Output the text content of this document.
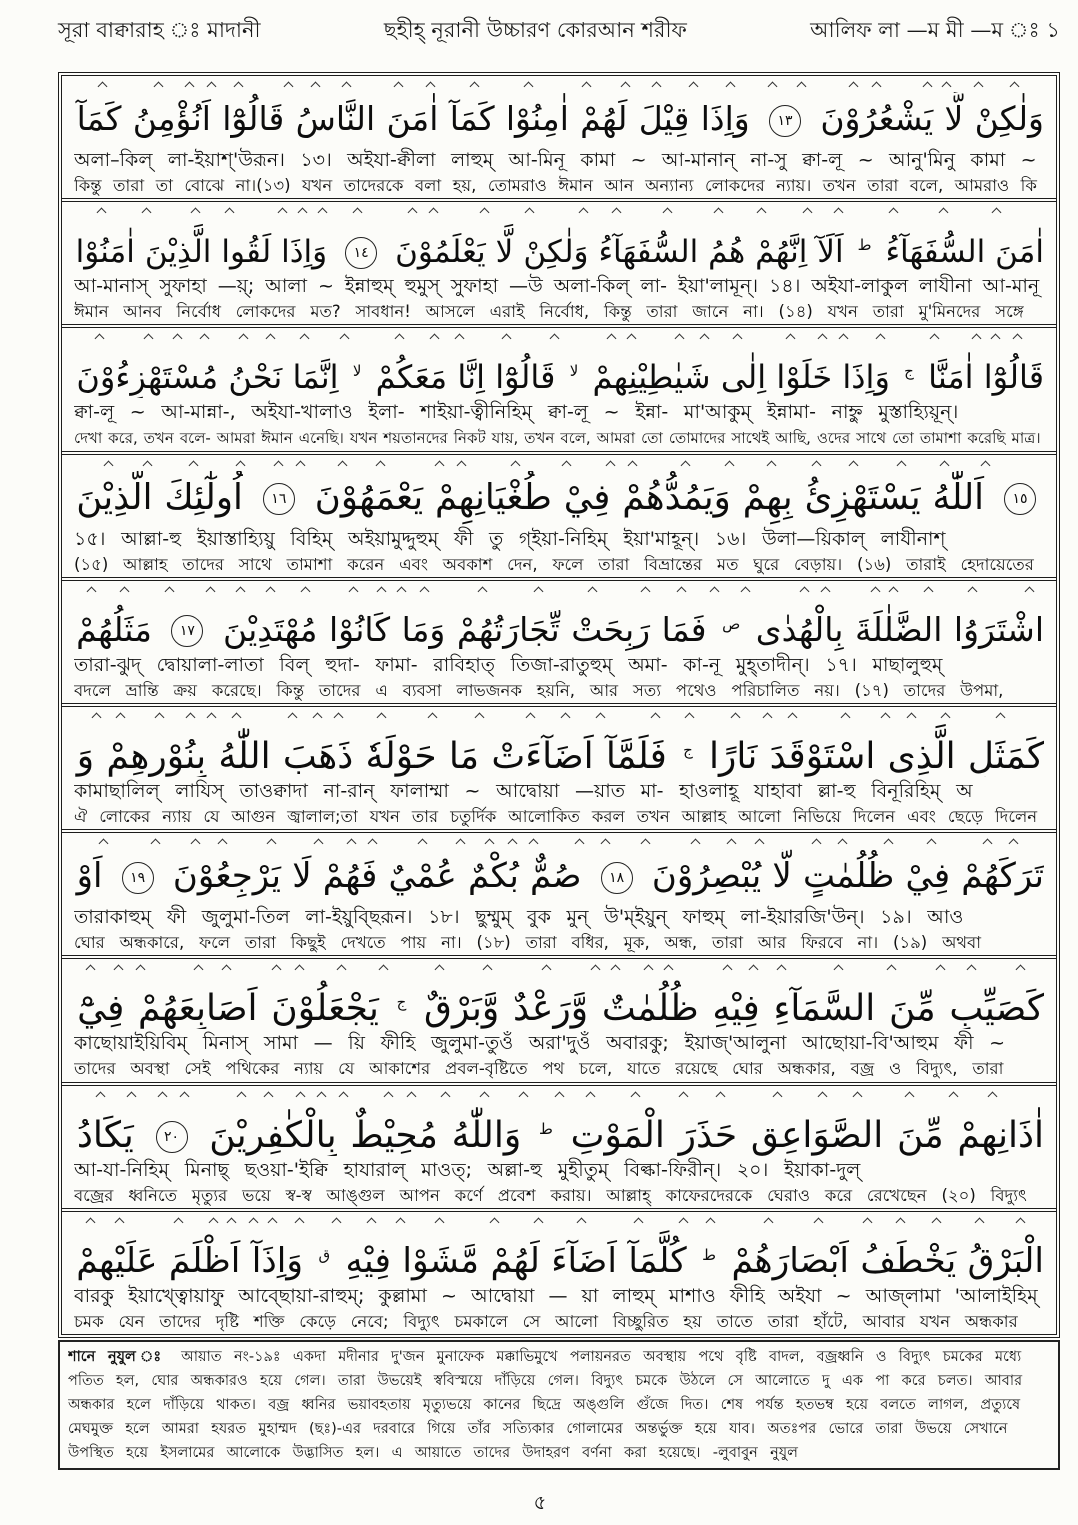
সূরা বাক্বারাহ ঃ মাদানী	ছহীহ্ নূরানী উচ্চারণ কোরআন শরীফ	আলিফ লা —ম মী —ম ঃ ১
وَلٰكِنْ لَّا يَشْعُرُوْنَ ١٣ وَاِذَا قِيْلَ لَهُمْ اٰمِنُوْا كَمَآ اٰمَنَ النَّاسُ قَالُوْٓا اَنُؤْمِنُ كَمَآ
অলা–কিল্ লা-ইয়াশ্'উরূন। ১৩। অইযা-ক্বীলা লাহুম্ আ-মিনূ কামা ~ আ-মানান্ না-সু ক্বা-লূ ~ আনু'মিনু কামা ~
কিন্তু তারা তা বোঝে না।(১৩) যখন তাদেরকে বলা হয়, তোমরাও ঈমান আন অন্যান্য লোকদের ন্যায়। তখন তারা বলে, আমরাও কি
اٰمَنَ السُّفَهَآءُ $^ط$ اَلَآ اِنَّهُمْ هُمُ السُّفَهَآءُ وَلٰكِنْ لَّا يَعْلَمُوْنَ ١٤ وَاِذَا لَقُوا الَّذِيْنَ اٰمَنُوْا
আ-মানাস্ সুফাহা —য়্; আলা ~ ইন্নাহুম্ হুমুস্ সুফাহা —উ অলা-কিল্ লা- ইয়া'লামূন্। ১৪। অইযা-লাকুল লাযীনা আ-মানূ
ঈমান আনব নির্বোধ লোকদের মত? সাবধান! আসলে এরাই নির্বোধ, কিন্তু তারা জানে না। (১৪) যখন তারা মু'মিনদের সঙ্গে
قَالُوْٓا اٰمَنَّا $^ج$ وَاِذَا خَلَوْا اِلٰى شَيٰطِيْنِهِمْ $^{لا}$ قَالُوْٓا اِنَّا مَعَكُمْ $^{لا}$ اِنَّمَا نَحْنُ مُسْتَهْزِءُوْنَ
ক্বা-লূ ~ আ-মান্না-, অইযা-খালাও ইলা- শাইয়া-ত্বীনিহিম্ ক্বা-লূ ~ ইন্না- মা'আকুম্ ইন্নামা- নাহ্নু মুস্তাহ্যিয়ূন্।
দেখা করে, তখন বলে- আমরা ঈমান এনেছি। যখন শয়তানদের নিকট যায়, তখন বলে, আমরা তো তোমাদের সাথেই আছি, ওদের সাথে তো তামাশা করেছি মাত্র।
١٥ اَللّٰهُ يَسْتَهْزِئُ بِهِمْ وَيَمُدُّهُمْ فِيْ طُغْيَانِهِمْ يَعْمَهُوْنَ ١٦ اُولٰٓئِكَ الَّذِيْنَ
১৫। আল্লা-হু ইয়াস্তাহ্যিয়ু বিহিম্ অইয়ামুদ্দুহুম্ ফী তু গ্ইয়া-নিহিম্ ইয়া'মাহূন্। ১৬। উলা—য়িকাল্ লাযীনাশ্
(১৫) আল্লাহ তাদের সাথে তামাশা করেন এবং অবকাশ দেন, ফলে তারা বিভ্রান্তের মত ঘুরে বেড়ায়। (১৬) তারাই হেদায়েতের
اشْتَرَوُا الضَّلٰلَةَ بِالْهُدٰى $^ص$ فَمَا رَبِحَتْ تِّجَارَتُهُمْ وَمَا كَانُوْا مُهْتَدِيْنَ ١٧ مَثَلُهُمْ
তারা-ঝুদ্ দ্বোয়ালা-লাতা বিল্ হুদা- ফামা- রাবিহাত্ তিজা-রাতুহুম্ অমা- কা-নূ মুহ্তাদীন্। ১৭। মাছালুহুম্
বদলে ভ্রান্তি ক্রয় করেছে। কিন্তু তাদের এ ব্যবসা লাভজনক হয়নি, আর সত্য পথেও পরিচালিত নয়। (১৭) তাদের উপমা,
كَمَثَلِ الَّذِى اسْتَوْقَدَ نَارًا $^ج$ فَلَمَّآ اَضَآءَتْ مَا حَوْلَهٗ ذَهَبَ اللّٰهُ بِنُوْرِهِمْ وَ
কামাছালিল্ লাযিস্ তাওক্বাদা না-রান্ ফালাম্মা ~ আদ্বোয়া —য়াত মা- হাওলাহূ যাহাবা ল্লা-হু বিনূরিহিম্ অ
ঐ লোকের ন্যায় যে আগুন জ্বালাল;তা যখন তার চতুর্দিক আলোকিত করল তখন আল্লাহ আলো নিভিয়ে দিলেন এবং ছেড়ে দিলেন
تَرَكَهُمْ فِيْ ظُلُمٰتٍ لَّا يُبْصِرُوْنَ ١٨ صُمٌّ بُكْمٌ عُمْيٌ فَهُمْ لَا يَرْجِعُوْنَ ١٩ اَوْ
তারাকাহুম্ ফী জুলুমা-তিল লা-ইয়ুব্ছিরূন। ১৮। ছুম্মুম্ বুক মুন্ উ'ম্ইয়ুন্ ফাহুম্ লা-ইয়ারজি'উন্। ১৯। আও
ঘোর অন্ধকারে, ফলে তারা কিছুই দেখতে পায় না। (১৮) তারা বধির, মূক, অন্ধ, তারা আর ফিরবে না। (১৯) অথবা
كَصَيِّبٍ مِّنَ السَّمَآءِ فِيْهِ ظُلُمٰتٌ وَّرَعْدٌ وَّبَرْقٌ $^ج$ يَجْعَلُوْنَ اَصَابِعَهُمْ فِيْٓ
কাছোয়াইয়িবিম্ মিনাস্ সামা — য়ি ফীহি জুলুমা-তুওঁ অরা'দুওঁ অবারকু; ইয়াজ্'আলুনা আছোয়া-বি'আহুম ফী ~
তাদের অবস্থা সেই পথিকের ন্যায় যে আকাশের প্রবল-বৃষ্টিতে পথ চলে, যাতে রয়েছে ঘোর অন্ধকার, বজ্র ও বিদ্যুৎ, তারা
اٰذَانِهِمْ مِّنَ الصَّوَاعِقِ حَذَرَ الْمَوْتِ $^ط$ وَاللّٰهُ مُحِيْطٌ بِالْكٰفِرِيْنَ ٢٠ يَكَادُ
আ-যা-নিহিম্ মিনাছ্ ছওয়া-'ইক্বি হাযারাল্ মাওত্; অল্লা-হু মুহীতুম্ বিল্কা-ফিরীন্। ২০। ইয়াকা-দুল্
বজ্রের ধ্বনিতে মৃত্যুর ভয়ে স্ব-স্ব আঙ্গুল আপন কর্ণে প্রবেশ করায়। আল্লাহ্ কাফেরদেরকে ঘেরাও করে রেখেছেন (২০) বিদ্যুৎ
الْبَرْقُ يَخْطَفُ اَبْصَارَهُمْ $^ط$ كُلَّمَآ اَضَآءَ لَهُمْ مَّشَوْا فِيْهِ $^ق$ وَاِذَآ اَظْلَمَ عَلَيْهِمْ
বারকু ইয়াখ্ত্বোয়াফু আব্ছোয়া-রাহুম্; কুল্লামা ~ আদ্বোয়া — য়া লাহুম্ মাশাও ফীহি অইযা ~ আজ্লামা 'আলাইহিম্
চমক যেন তাদের দৃষ্টি শক্তি কেড়ে নেবে; বিদ্যুৎ চমকালে সে আলো বিচ্ছুরিত হয় তাতে তারা হাঁটে, আবার যখন অন্ধকার
শানে নুযুল ঃ আয়াত নং-১৯ঃ একদা মদীনার দু'জন মুনাফেক মক্কাভিমুখে পলায়নরত অবস্থায় পথে বৃষ্টি বাদল, বজ্রধ্বনি ও বিদ্যুৎ চমকের মধ্যে
পতিত হল, ঘোর অন্ধকারও হয়ে গেল। তারা উভয়েই স্ববিস্ময়ে দাঁড়িয়ে গেল। বিদ্যুৎ চমকে উঠলে সে আলোতে দু এক পা করে চলত। আবার
অন্ধকার হলে দাঁড়িয়ে থাকত। বজ্র ধ্বনির ভয়াবহতায় মৃত্যুভয়ে কানের ছিদ্রে অঙ্গুলি গুঁজে দিত। শেষ পর্যন্ত হতভম্ব হয়ে বলতে লাগল, প্রত্যুষে
মেঘমুক্ত হলে আমরা হযরত মুহাম্মদ (ছঃ)-এর দরবারে গিয়ে তাঁর সত্যিকার গোলামের অন্তর্ভুক্ত হয়ে যাব। অতঃপর ভোরে তারা উভয়ে সেখানে
উপস্থিত হয়ে ইসলামের আলোকে উদ্ভাসিত হল। এ আয়াতে তাদের উদাহরণ বর্ণনা করা হয়েছে। -লুবাবুন নুযুল
৫
